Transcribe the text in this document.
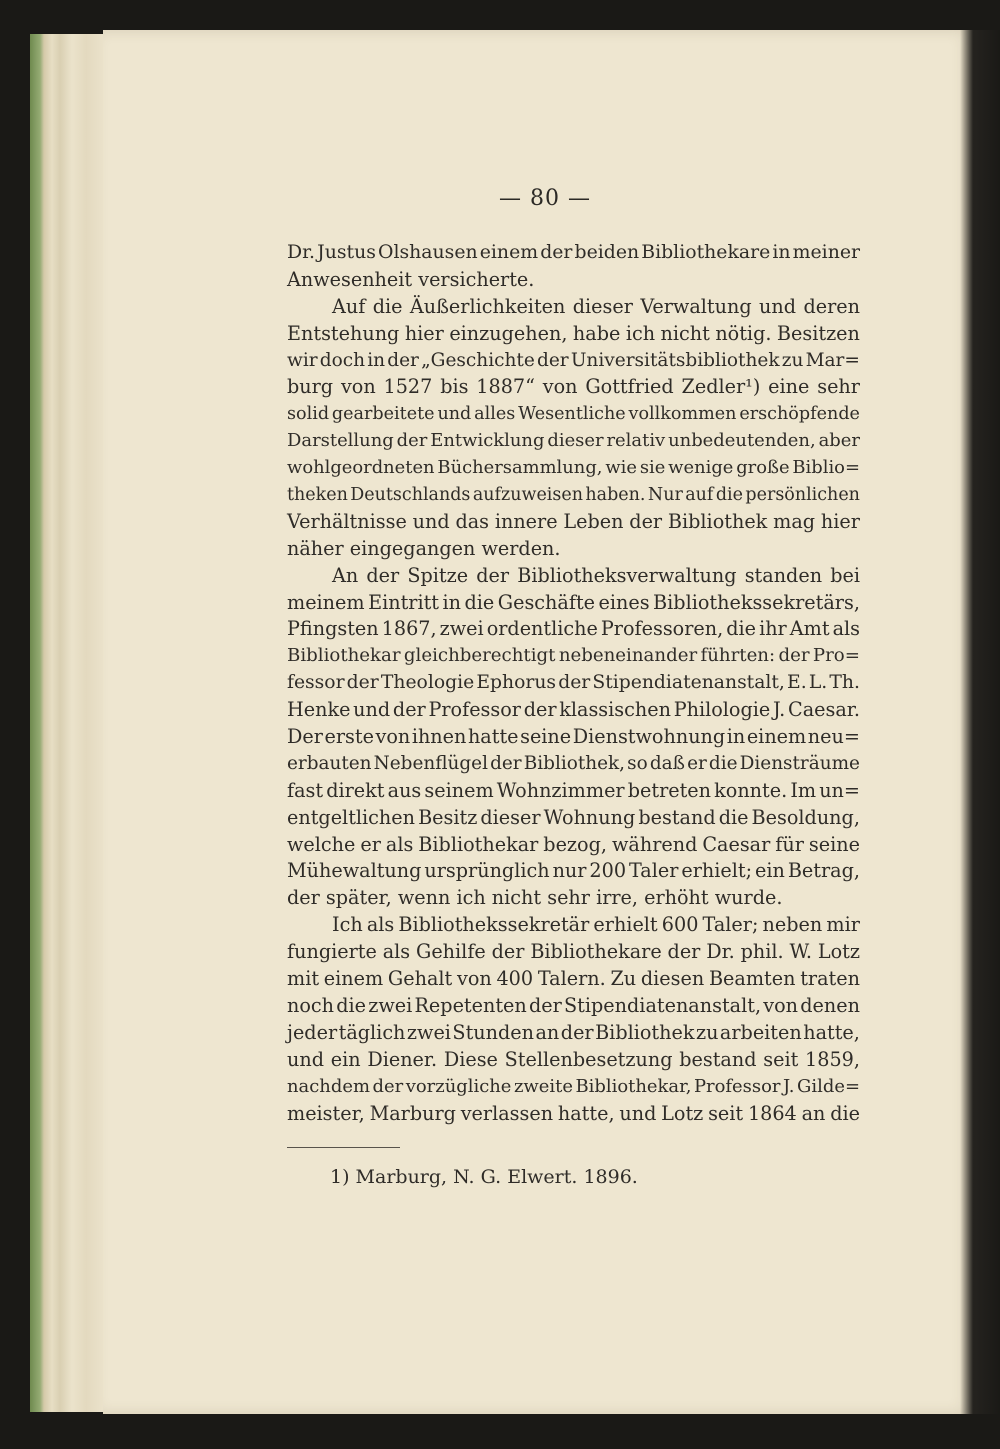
— 80 —
Dr. Justus Olshausen einem der beiden Bibliothekare in meiner
Anwesenheit
versicherte.

Auf die Äußerlichkeiten dieser Verwaltung und deren
Entstehung hier einzugehen, habe ich nicht nötig. Besitzen
wir doch in der „Geschichte der Universitätsbibliothek zu Mar=
burg von 1527 bis 1887“ von Gottfried Zedler¹) eine sehr
solid gearbeitete und alles Wesentliche vollkommen erschöpfende
Darstellung der Entwicklung dieser relativ unbedeutenden, aber
wohlgeordneten Büchersammlung, wie sie wenige große Biblio=
theken Deutschlands aufzuweisen haben. Nur auf die persönlichen
Verhältnisse und das innere Leben der Bibliothek mag hier
näher
eingegangen
werden.

An der Spitze der Bibliotheksverwaltung standen bei
meinem Eintritt in die Geschäfte eines Bibliothekssekretärs,
Pfingsten 1867, zwei ordentliche Professoren, die ihr Amt als
Bibliothekar gleichberechtigt nebeneinander führten: der Pro=
fessor der Theologie Ephorus der Stipendiatenanstalt, E. L. Th.
Henke und der Professor der klassischen Philologie J. Caesar.
Der erste von ihnen hatte seine Dienstwohnung in einem neu=
erbauten Nebenflügel der Bibliothek, so daß er die Diensträume
fast direkt aus seinem Wohnzimmer betreten konnte. Im un=
entgeltlichen Besitz dieser Wohnung bestand die Besoldung,
welche er als Bibliothekar bezog, während Caesar für seine
Mühewaltung ursprünglich nur 200 Taler erhielt; ein Betrag,
der
später,
wenn
ich
nicht
sehr
irre,
erhöht
wurde.

Ich als Bibliothekssekretär erhielt 600 Taler; neben mir
fungierte als Gehilfe der Bibliothekare der Dr. phil. W. Lotz
mit einem Gehalt von 400 Talern. Zu diesen Beamten traten
noch die zwei Repetenten der Stipendiatenanstalt, von denen
jeder täglich zwei Stunden an der Bibliothek zu arbeiten hatte,
und ein Diener. Diese Stellenbesetzung bestand seit 1859,
nachdem der vorzügliche zweite Bibliothekar, Professor J. Gilde=
meister, Marburg verlassen hatte, und Lotz seit 1864 an die
1) Marburg, N. G. Elwert. 1896.
